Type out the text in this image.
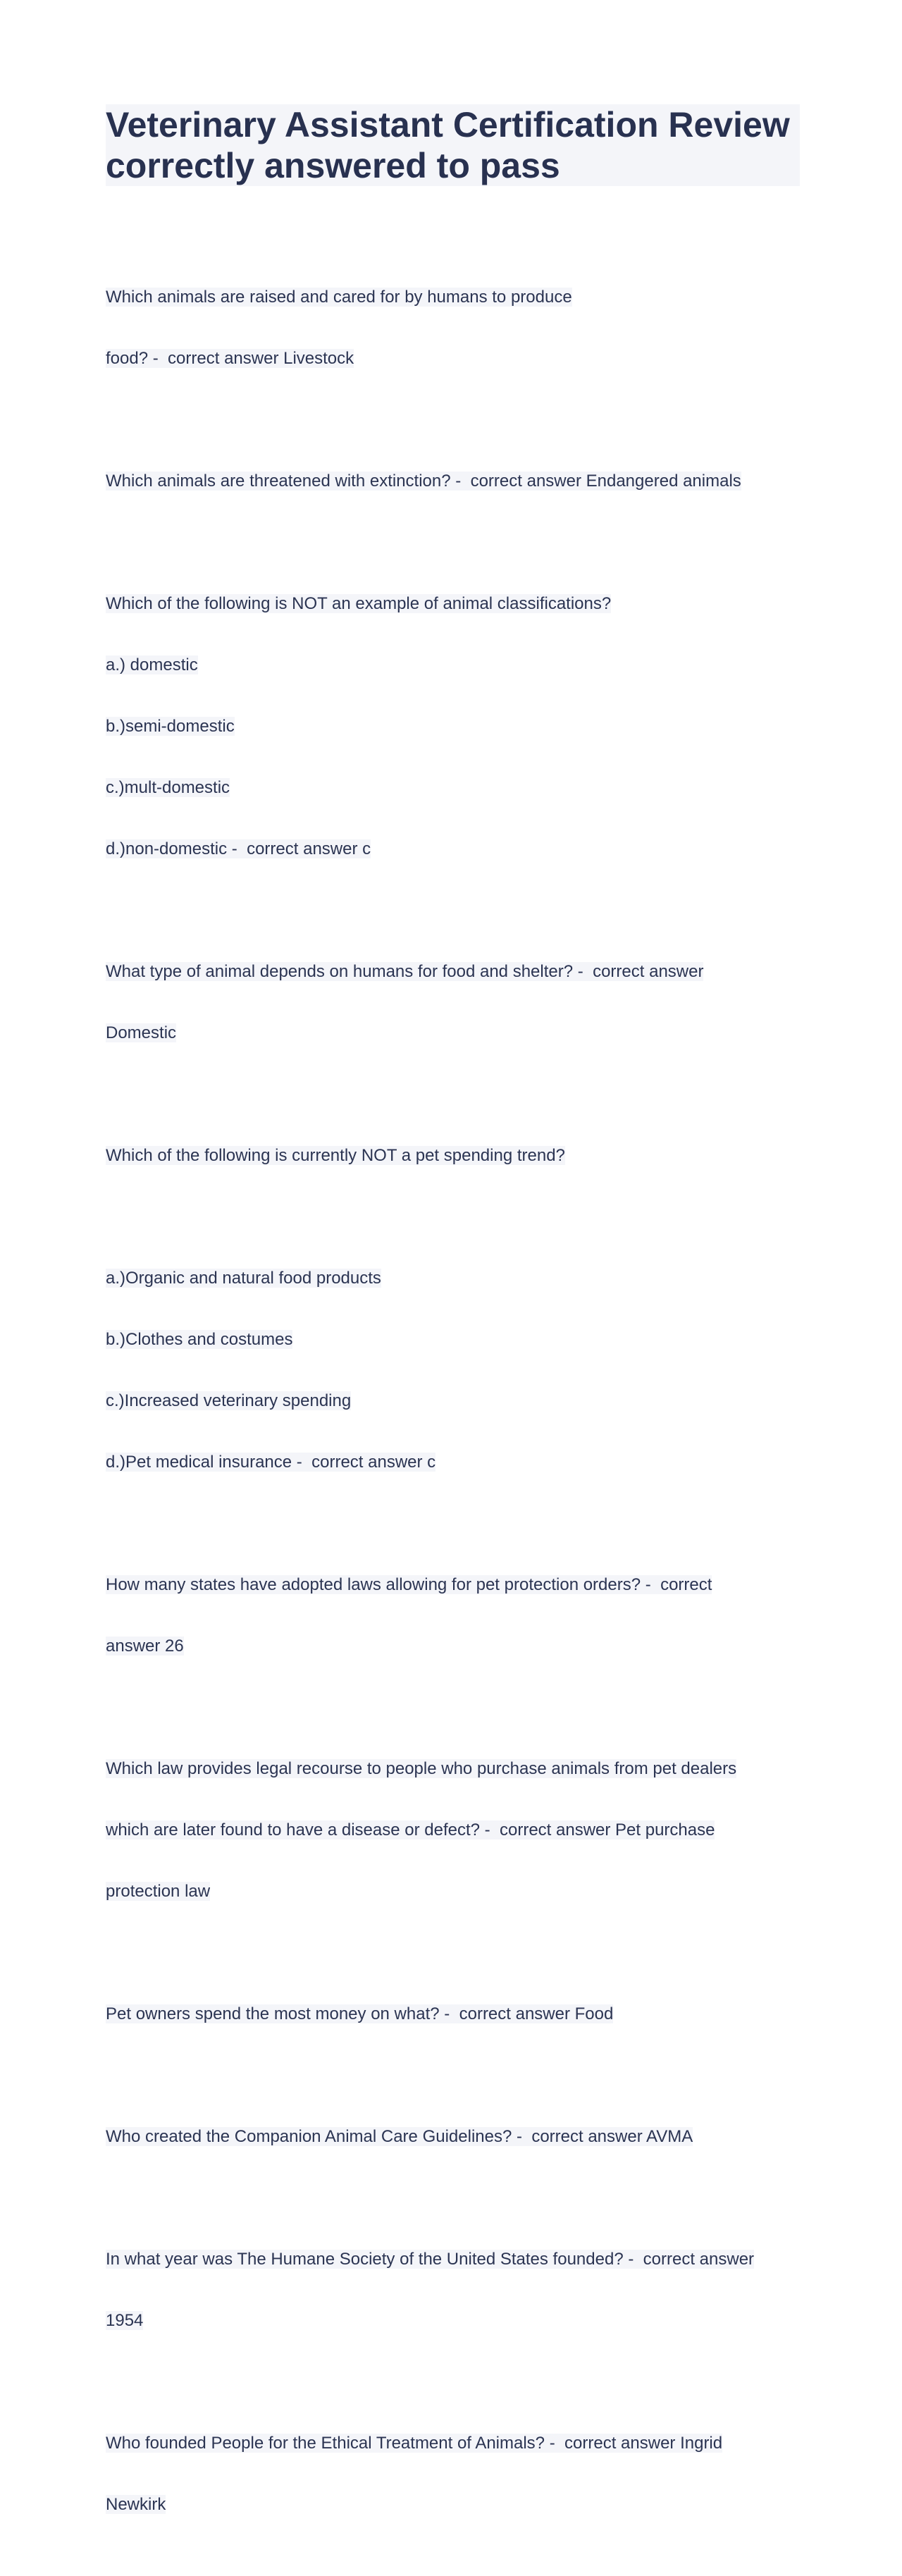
Veterinary Assistant Certification Review
correctly answered to pass

Which animals are raised and cared for by humans to produce

food? -  correct answer Livestock

Which animals are threatened with extinction? -  correct answer Endangered animals

Which of the following is NOT an example of animal classifications?

a.) domestic

b.)semi-domestic

c.)mult-domestic

d.)non-domestic -  correct answer c

What type of animal depends on humans for food and shelter? -  correct answer

Domestic

Which of the following is currently NOT a pet spending trend?

a.)Organic and natural food products

b.)Clothes and costumes

c.)Increased veterinary spending

d.)Pet medical insurance -  correct answer c

How many states have adopted laws allowing for pet protection orders? -  correct

answer 26

Which law provides legal recourse to people who purchase animals from pet dealers

which are later found to have a disease or defect? -  correct answer Pet purchase

protection law

Pet owners spend the most money on what? -  correct answer Food

Who created the Companion Animal Care Guidelines? -  correct answer AVMA

In what year was The Humane Society of the United States founded? -  correct answer

1954

Who founded People for the Ethical Treatment of Animals? -  correct answer Ingrid

Newkirk
